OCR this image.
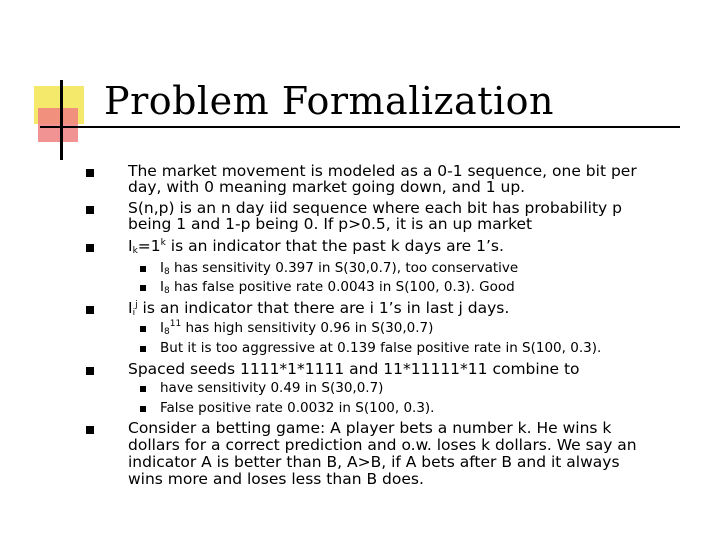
Problem Formalization
The market movement is modeled as a 0-1 sequence, one bit per
day, with 0 meaning market going down, and 1 up.
S(n,p) is an n day iid sequence where each bit has probability p
being 1 and 1-p being 0. If p>0.5, it is an up market
$I_k=1^k$ is an indicator that the past k days are 1’s.
$I_8$ has sensitivity 0.397 in S(30,0.7), too conservative
$I_8$ has false positive rate 0.0043 in S(100, 0.3). Good
$I_i^j$ is an indicator that there are i 1’s in last j days.
$I_8^{11}$ has high sensitivity 0.96 in S(30,0.7)
But it is too aggressive at 0.139 false positive rate in S(100, 0.3).
Spaced seeds 1111*1*1111 and 11*11111*11 combine to
have sensitivity 0.49 in S(30,0.7)
False positive rate 0.0032 in S(100, 0.3).
Consider a betting game: A player bets a number k. He wins k
dollars for a correct prediction and o.w. loses k dollars. We say an
indicator A is better than B, A>B, if A bets after B and it always
wins more and loses less than B does.
